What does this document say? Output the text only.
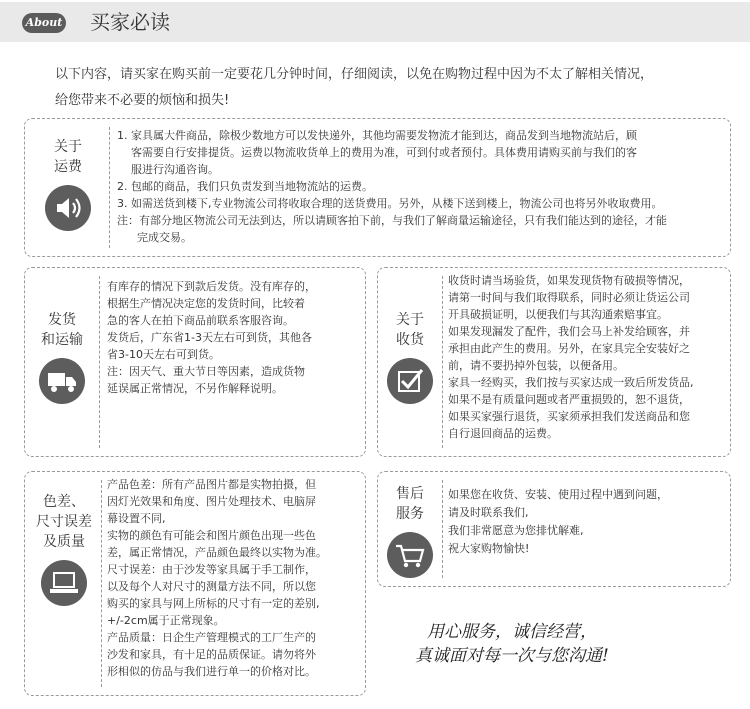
About 买家必读
以下内容，请买家在购买前一定要花几分钟时间，仔细阅读，以免在购物过程中因为不太了解相关情况，
给您带来不必要的烦恼和损失!
关于
运费
1. 家具属大件商品，除极少数地方可以发快递外，其他均需要发物流才能到达，商品发到当地物流站后，顾
客需要自行安排提货。运费以物流收货单上的费用为准，可到付或者预付。具体费用请购买前与我们的客
服进行沟通咨询。
2. 包邮的商品，我们只负责发到当地物流站的运费。
3. 如需送货到楼下,专业物流公司将收取合理的送货费用。另外，从楼下送到楼上，物流公司也将另外收取费用。
注：有部分地区物流公司无法到达，所以请顾客拍下前，与我们了解商量运输途径，只有我们能达到的途径，才能
完成交易。
发货
和运输
有库存的情况下到款后发货。没有库存的，
根据生产情况决定您的发货时间，比较着
急的客人在拍下商品前联系客服咨询。
发货后，广东省1-3天左右可到货，其他各
省3-10天左右可到货。
注：因天气、重大节日等因素，造成货物
延误属正常情况，不另作解释说明。
关于
收货
收货时请当场验货，如果发现货物有破损等情况，
请第一时间与我们取得联系，同时必须让货运公司
开具破损证明，以便我们与其沟通索赔事宜。
如果发现漏发了配件，我们会马上补发给顾客，并
承担由此产生的费用。另外，在家具完全安装好之
前，请不要扔掉外包装，以便备用。
家具一经购买，我们按与买家达成一致后所发货品,
如果不是有质量问题或者严重损毁的，恕不退货，
如果买家强行退货，买家须承担我们发送商品和您
自行退回商品的运费。
色差、
尺寸误差
及质量
产品色差：所有产品图片都是实物拍摄，但
因灯光效果和角度、图片处理技术、电脑屏
幕设置不同,
实物的颜色有可能会和图片颜色出现一些色
差，属正常情况，产品颜色最终以实物为准。
尺寸误差：由于沙发等家具属于手工制作，
以及每个人对尺寸的测量方法不同，所以您
购买的家具与网上所标的尺寸有一定的差别,
+/-2cm属于正常现象。
产品质量：日企生产管理模式的工厂生产的
沙发和家具，有十足的品质保证。请勿将外
形相似的仿品与我们进行单一的价格对比。
售后
服务
如果您在收货、安装、使用过程中遇到问题，
请及时联系我们,
我们非常愿意为您排忧解难,
祝大家购物愉快!
用心服务，诚信经营，
真诚面对每一次与您沟通!
